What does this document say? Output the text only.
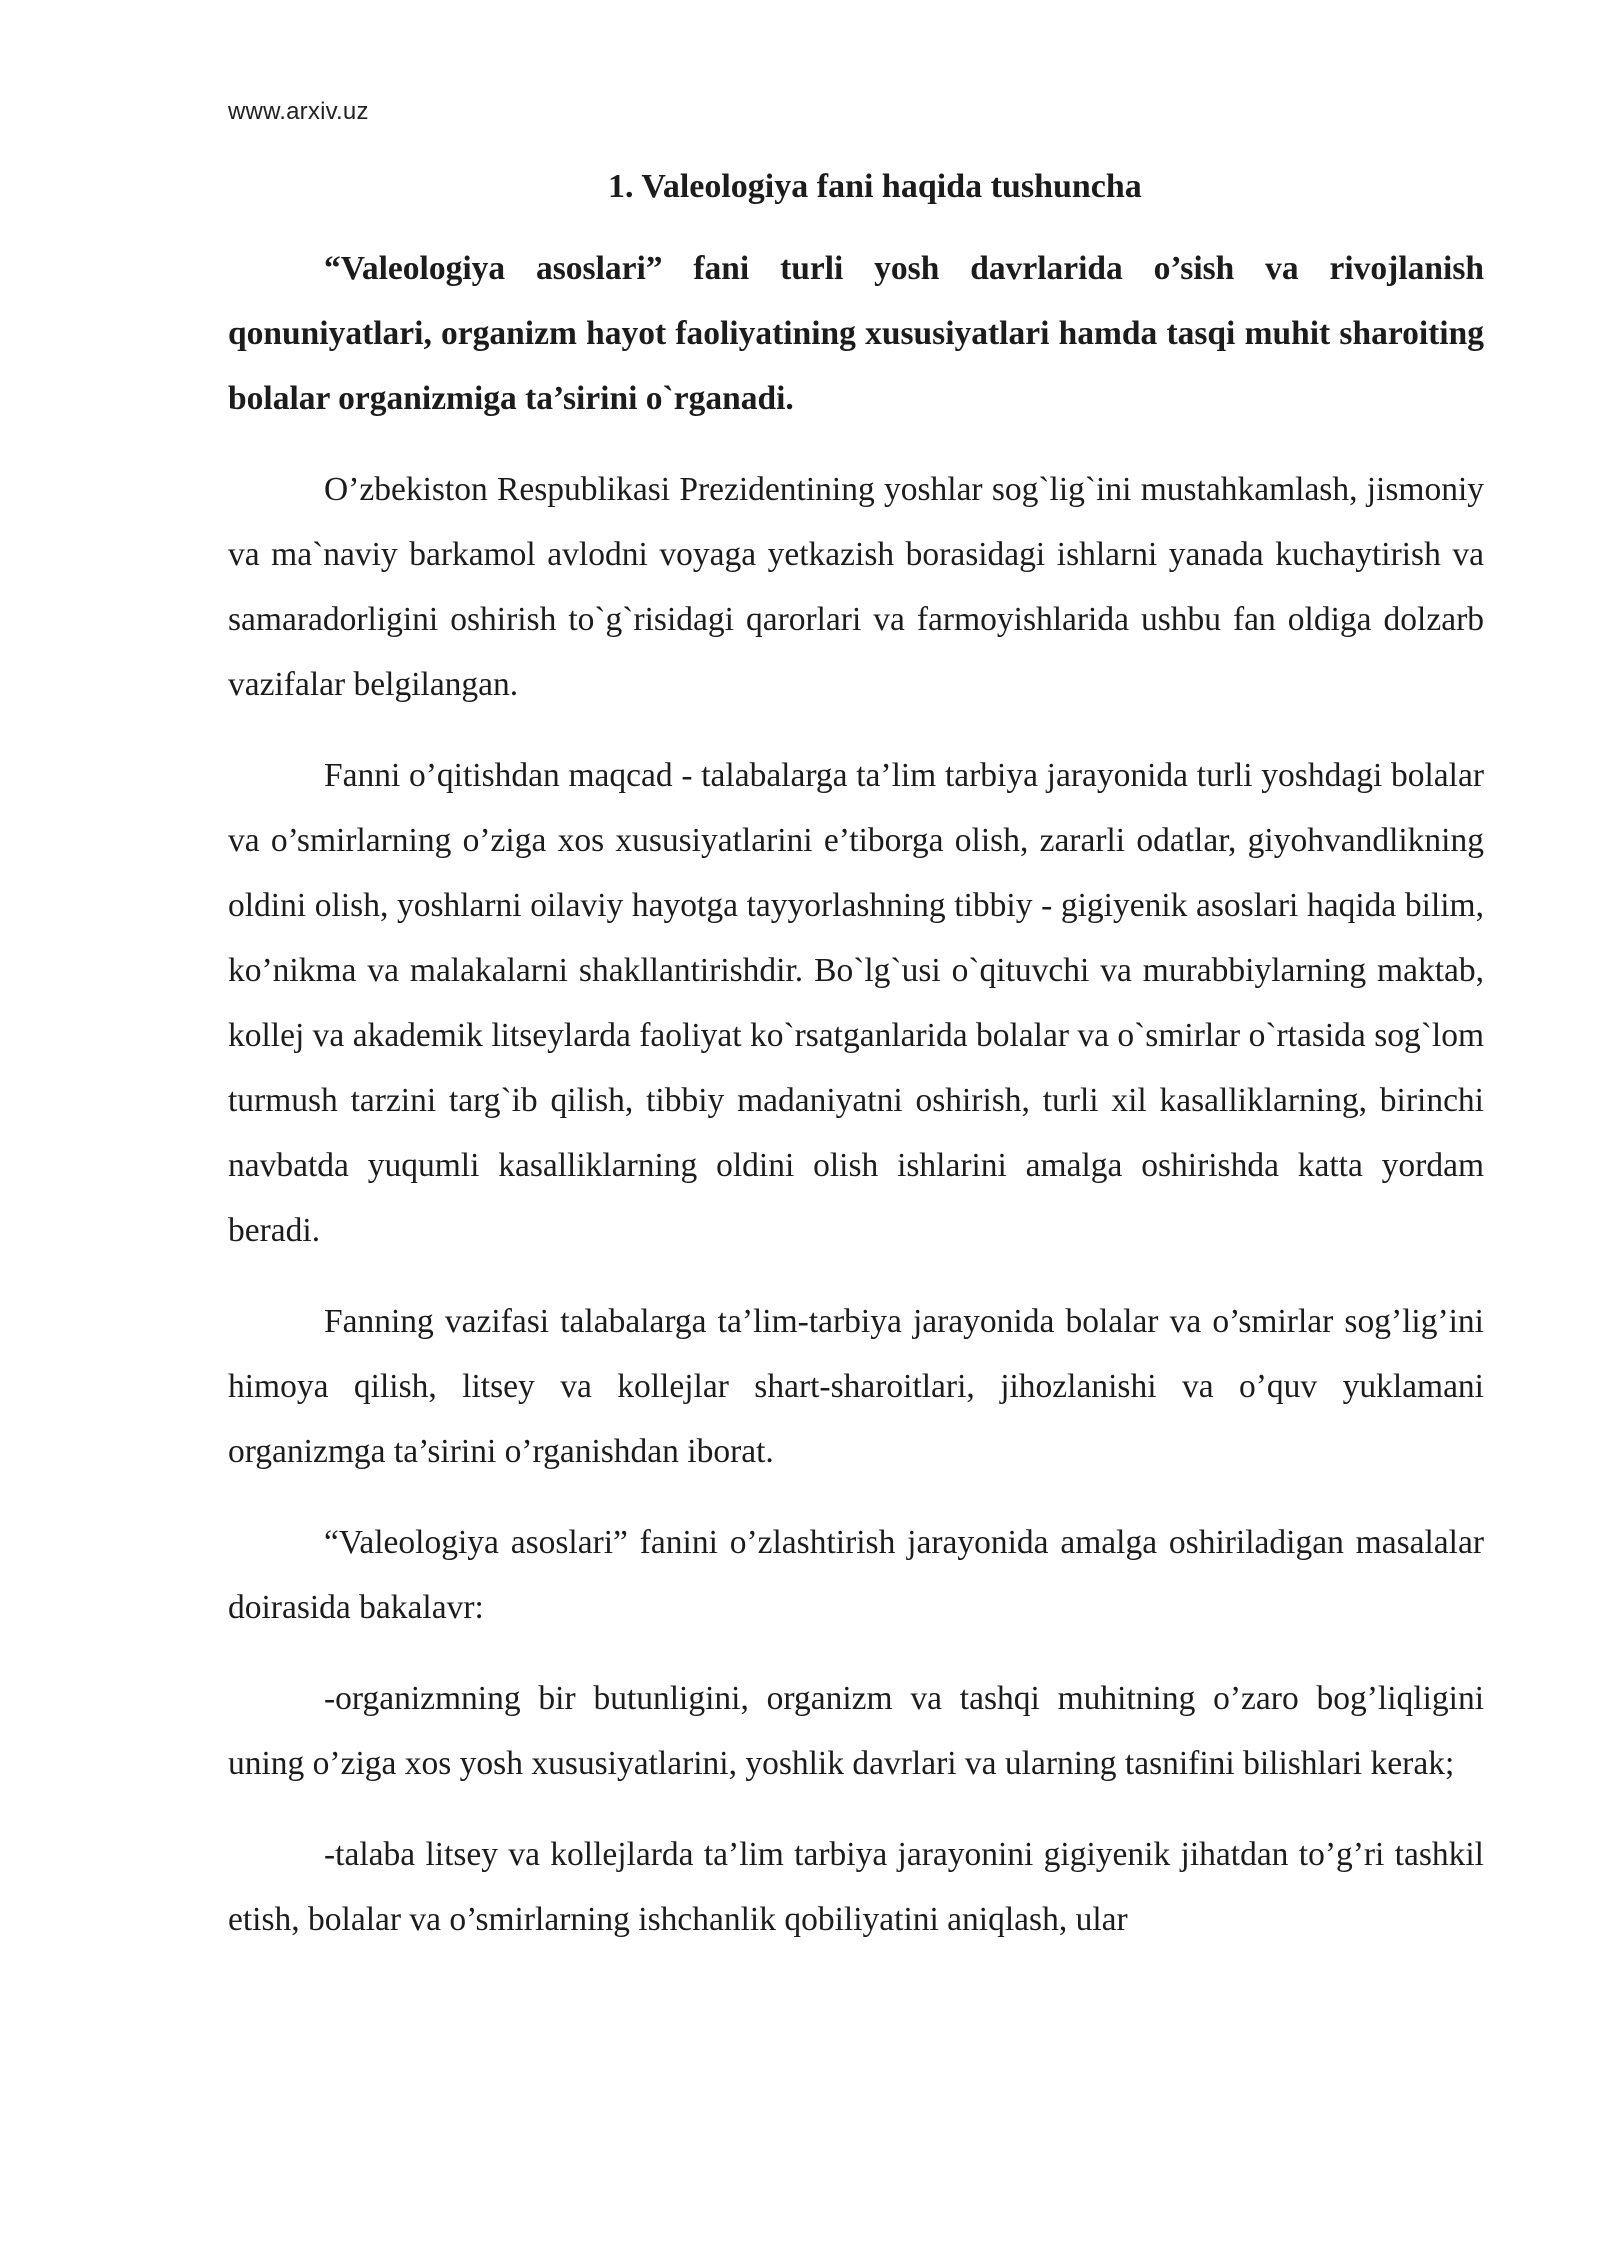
www.arxiv.uz
1. Valeologiya fani haqida tushuncha

“Valeologiya asoslari” fani turli yosh davrlarida o’sish va rivojlanish qonuniyatlari, organizm hayot faoliyatining xususiyatlari hamda tasqi muhit sharoiting bolalar organizmiga ta’sirini o`rganadi.

O’zbekiston Respublikasi Prezidentining yoshlar sog`lig`ini mustahkamlash, jismoniy va ma`naviy barkamol avlodni voyaga yetkazish borasidagi ishlarni yanada kuchaytirish va samaradorligini oshirish to`g`risidagi qarorlari va farmoyishlarida ushbu fan oldiga dolzarb vazifalar belgilangan.

Fanni o’qitishdan maqcad - talabalarga ta’lim tarbiya jarayonida turli yoshdagi bolalar va o’smirlarning o’ziga xos xususiyatlarini e’tiborga olish, zararli odatlar, giyohvandlikning oldini olish, yoshlarni oilaviy hayotga tayyorlashning tibbiy - gigiyenik asoslari haqida bilim, ko’nikma va malakalarni shakllantirishdir. Bo`lg`usi o`qituvchi va murabbiylarning maktab, kollej va akademik litseylarda faoliyat ko`rsatganlarida bolalar va o`smirlar o`rtasida sog`lom turmush tarzini targ`ib qilish, tibbiy madaniyatni oshirish, turli xil kasalliklarning, birinchi navbatda yuqumli kasalliklarning oldini olish ishlarini amalga oshirishda katta yordam beradi.

Fanning vazifasi talabalarga ta’lim-tarbiya jarayonida bolalar va o’smirlar sog’lig’ini himoya qilish, litsey va kollejlar shart-sharoitlari, jihozlanishi va o’quv yuklamani organizmga ta’sirini o’rganishdan iborat.

“Valeologiya asoslari” fanini o’zlashtirish jarayonida amalga oshiriladigan masalalar doirasida bakalavr:

-organizmning bir butunligini, organizm va tashqi muhitning o’zaro bog’liqligini uning o’ziga xos yosh xususiyatlarini, yoshlik davrlari va ularning tasnifini bilishlari kerak;

-talaba litsey va kollejlarda ta’lim tarbiya jarayonini gigiyenik jihatdan to’g’ri tashkil etish, bolalar va o’smirlarning ishchanlik qobiliyatini aniqlash, ular
